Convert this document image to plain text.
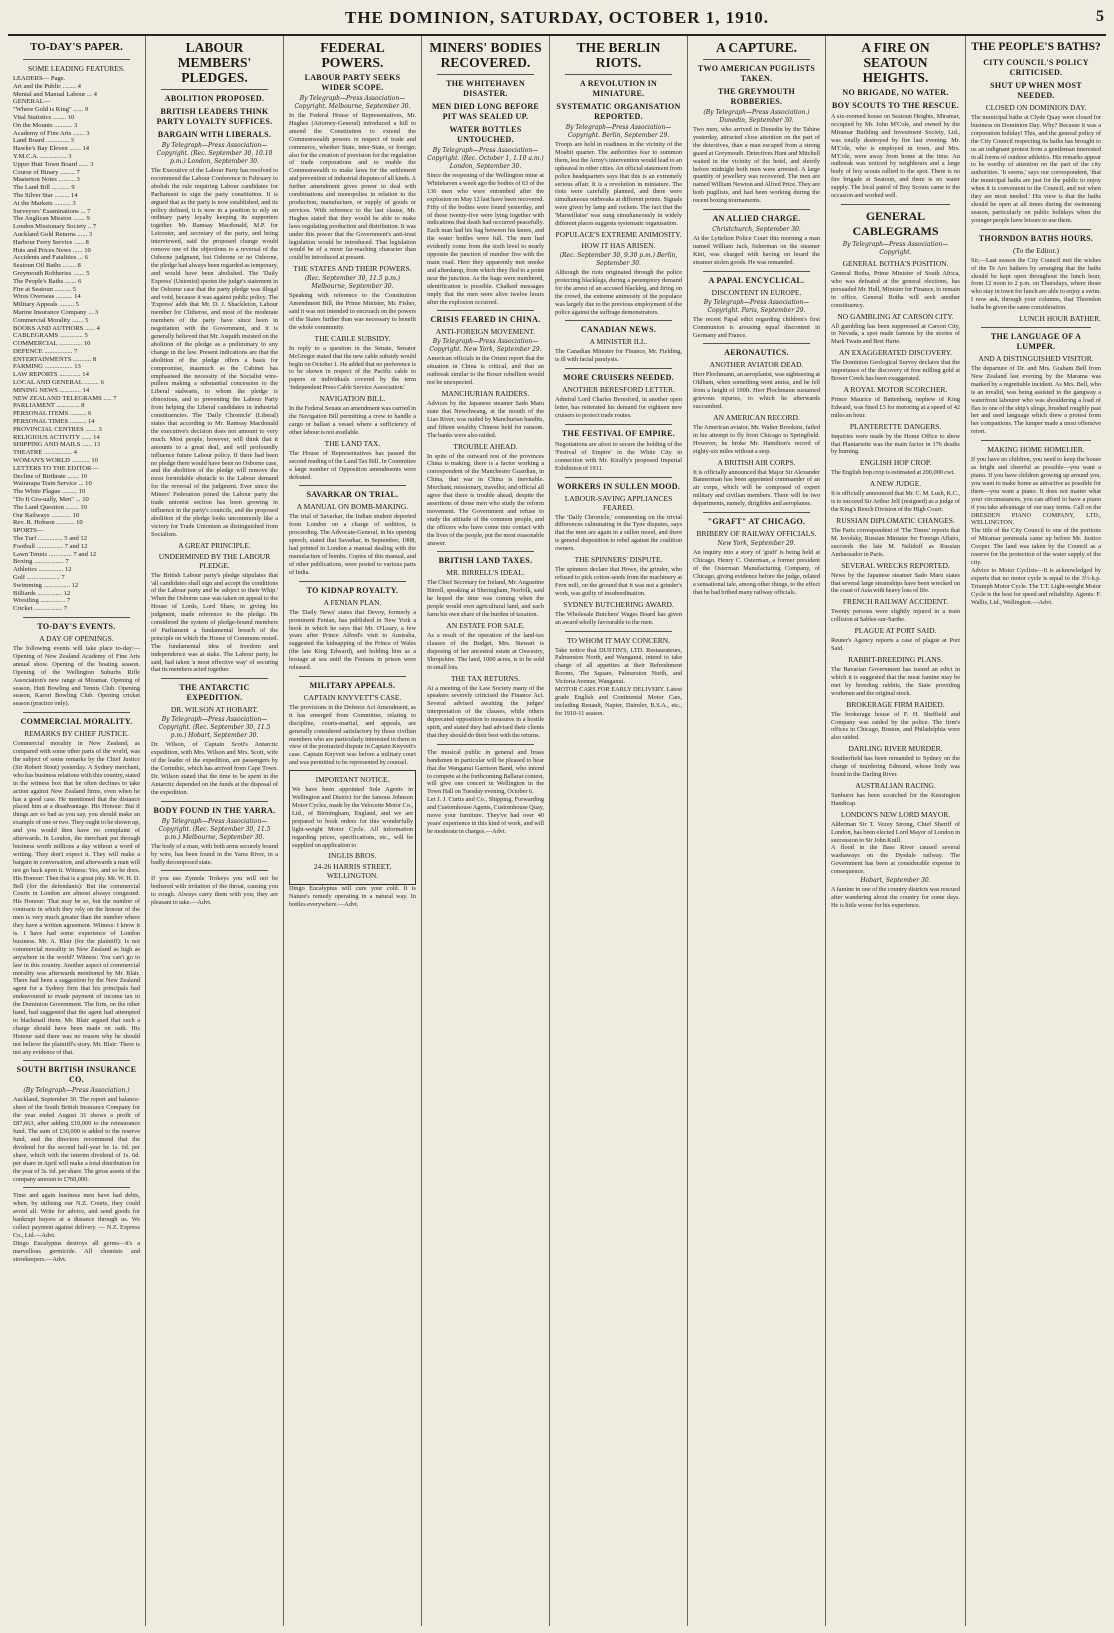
THE DOMINION, SATURDAY, OCTOBER 1, 1910.	5
TO-DAY'S PAPER.
SOME LEADING FEATURES.
LEADERS— Page.
Art and the Public ........ 4
Mental and Manual Labour ... 4
GENERAL—
"Where Gold is King" ...... 9
Vital Statistics ........ 10
On the Mounts ........... 3
Academy of Fine Arts ....... 3
Land Board .............. 3
Hawke's Bay Eleven ....... 14
Y.M.C.A. ................ 3
Upper Hutt Town Board ...... 3
Course of Binary ......... 7
Masterton Notes .......... 3
The Land Bill ........... 9
The Silver Star ......... 14
At the Markets .......... 3
Surveyors' Examinations ... 7
The Anglican Mission ....... 9
London Missionary Society .. 7
Auckland Gold Returns ...... 3
Harbour Ferry Service ...... 8
Huts and Prices News ...... 10
Accidents and Fatalities ... 6
Seatoun Oil Baths ........ 8
Greymouth Robberies ....... 5
The People's Baths ....... 6
Fire at Seatoun .......... 5
Wires Overseas .......... 14
Military Appeals ......... 5
Marine Insurance Company ... 3
Commercial Morality ....... 5
BOOKS AND AUTHORS ...... 4
CABLEGRAMS .............. 5
COMMERCIAL .............. 10
DEFENCE ................. 7
ENTERTAINMENTS ........... 8
FARMING ................. 13
LAW REPORTS ............. 14
LOCAL AND GENERAL ......... 6
MINING NEWS ............. 14
NEW ZEALAND TELEGRAMS ..... 7
PARLIAMENT .............. 8
PERSONAL ITEMS .......... 6
PERSONAL TIMES .......... 14
PROVINCIAL CENTRES ....... 3
RELIGIOUS ACTIVITY ...... 14
SHIPPING AND MAILS ...... 13
THEATRE ................. 4
WOMAN'S WORLD ........... 10
LETTERS TO THE EDITOR—
Decline of Birthrate ....... 10
Wairarapa Train Service ... 10
The White Plague ......... 10
"Do It Gra-ually, Men" ... 10
The Land Question ........ 10
Our Railways ............ 10
Rev. R. Hobson ........... 10
SPORTS—
The Turf ............... 5 and 12
Football ................ 7 and 12
Lawn Tennis .............. 7 and 12
Boxing .................. 7
Athletics ............... 12
Golf .................... 7
Swimming ................ 12
Billiards ............... 12
Wrestling ............... 7
Cricket ................. 7
TO-DAY'S EVENTS.
A DAY OF OPENINGS.

The following events will take place to-day:— Opening of New Zealand Academy of Fine Arts annual show. Opening of the boating season. Opening of the Wellington Suburbs Rifle Association's new range at Miramar. Opening of season, Hutt Bowling and Tennis Club. Opening season, Karori Bowling Club. Opening cricket season (practice only).

COMMERCIAL MORALITY.
REMARKS BY CHIEF JUSTICE.

Commercial morality in New Zealand, as compared with some other parts of the world, was the subject of some remarks by the Chief Justice (Sir Robert Stout) yesterday. A Sydney merchant, who has business relations with this country, stated in the witness box that he often declines to take action against New Zealand firms, even when he has a good case. He mentioned that the distance placed him at a disadvantage. His Honour: But if things are so bad as you say, you should make an example of one or two. They ought to be shown up, and you would then have no complaint of afterwards. In London, the merchant put through business worth millions a day without a word of writing. They don't expect it. They will make a bargain in conversation, and afterwards a man will not go back upon it. Witness: Yes, and so he does. His Honour: Then that is a great pity. Mr. W. H. D. Bell (for the defendants): But the commercial Courts in London are almost always congested. His Honour: That may be so, but the number of contracts in which they rely on the honour of the men is very much greater than the number where they have a written agreement. Witness: I know it is. I have had some experience of London business. Mr. A. Blair (for the plaintiff): Is not commercial morality in New Zealand as high as anywhere in the world? Witness: You can't go to law in this country. Another aspect of commercial morality was afterwards mentioned by Mr. Blair. There had been a suggestion by the New Zealand agent for a Sydney firm that his principals had endeavoured to evade payment of income tax to the Dominion Government. The firm, on the other hand, had suggested that the agent had attempted to blackmail them. Mr. Blair argued that such a charge should have been made on oath. His Honour said there was no reason why he should not believe the plaintiff's story. Mr. Blair: There is not any evidence of that.

SOUTH BRITISH INSURANCE CO.
(By Telegraph—Press Association.)

Auckland, September 30. The report and balance-sheet of the South British Insurance Company for the year ended August 31 shows a profit of £87,663, after adding £10,000 to the reinsurance fund. The sum of £30,000 is added to the reserve fund, and the directors recommend that the dividend for the second half-year be 1s. 6d. per share, which with the interim dividend of 1s. 6d. per share in April will make a total distribution for the year of 3s. 6d. per share. The gross assets of the company amount to £760,000.

Time and again business men have had debts, when, by utilising our N.Z. Courts, they could avoid all. Write for advice, and send goods for bankrupt buyers at a distance through us. We collect payment against delivery. — N.Z. Express Co., Ltd.—Advt.

Dingo Eucalyptus destroys all germs—it's a marvellous germicide. All chemists and storekeepers.—Advt.

LABOUR MEMBERS' PLEDGES.
ABOLITION PROPOSED.
BRITISH LEADERS THINK PARTY LOYALTY SUFFICES.
BARGAIN WITH LIBERALS.
By Telegraph—Press Association—Copyright. (Rec. September 30, 10.10 p.m.) London, September 30.

The Executive of the Labour Party has resolved to recommend the Labour Conference in February to abolish the rule requiring Labour candidates for Parliament to sign the party constitution. It is argued that as the party is now established, and its policy defined, it is now in a position to rely on ordinary party loyalty keeping its supporters together. Mr. Ramsay Macdonald, M.P. for Leicester, and secretary of the party, and being interviewed, said the proposed change would remove one of the objections to a reversal of the Osborne judgment, but Osborne or no Osborne, the pledge had always been regarded as temporary, and would have been abolished. The 'Daily Express' (Unionist) quotes the judge's statement in the Osborne case that the party pledge was illegal and void, because it was against public policy. The 'Express' adds that Mr. D. J. Shackleton, Labour member for Clitheroe, and most of the moderate members of the party have since been in negotiation with the Government, and it is generally believed that Mr. Asquith insisted on the abolition of the pledge as a preliminary to any change in the law. Present indications are that the abolition of the pledge offers a basis for compromise, inasmuch as the Cabinet has emphasised the necessity of the Socialist wire-pullers making a substantial concession to the Liberal stalwarts, to whom the pledge is obnoxious, and to preventing the Labour Party from helping the Liberal candidates in industrial constituencies. The 'Daily Chronicle' (Liberal) states that according to Mr. Ramsay Macdonald the executive's decision does not amount to very much. Most people, however, will think that it amounts to a great deal, and will profoundly influence future Labour policy. If there had been no pledge there would have been no Osborne case, and the abolition of the pledge will remove the most formidable obstacle to the Labour demand for the reversal of the judgment. Ever since the Miners' Federation joined the Labour party the trade unionist section has been growing in influence in the party's councils, and the proposed abolition of the pledge looks uncommonly like a victory for Trade Unionism as distinguished from Socialism.

A GREAT PRINCIPLE.
UNDERMINED BY THE LABOUR PLEDGE.

The British Labour party's pledge stipulates that 'all candidates shall sign and accept the conditions of the Labour party and be subject to their Whip.' When the Osborne case was taken on appeal to the House of Lords, Lord Shaw, in giving his judgment, made reference to the pledge. He considered the system of pledge-bound members of Parliament a fundamental breach of the principle on which the House of Commons rested. The fundamental idea of freedom and independence was at stake. The Labour party, he said, had taken 'a most effective way' of securing that its members acted together.

THE ANTARCTIC EXPEDITION.
DR. WILSON AT HOBART.
By Telegraph—Press Association—Copyright. (Rec. September 30, 11.5 p.m.) Hobart, September 30.

Dr. Wilson, of Captain Scott's Antarctic expedition, with Mrs. Wilson and Mrs. Scott, wife of the leader of the expedition, are passengers by the Corinthic, which has arrived from Cape Town. Dr. Wilson stated that the time to be spent in the Antarctic depended on the funds at the disposal of the expedition.

BODY FOUND IN THE YARRA.
By Telegraph—Press Association—Copyright. (Rec. September 30, 11.5 p.m.) Melbourne, September 30.

The body of a man, with both arms securely bound by wire, has been found in the Yarra River, in a badly decomposed state.

If you use Zymole Trokeys you will not be bothered with irritation of the throat, causing you to cough. Always carry them with you; they are pleasant to take.—Advt.

FEDERAL POWERS.
LABOUR PARTY SEEKS WIDER SCOPE.
By Telegraph—Press Association—Copyright. Melbourne, September 30.

In the Federal House of Representatives, Mr. Hughes (Attorney-General) introduced a bill to amend the Constitution to extend the Commonwealth powers in respect of trade and commerce, whether State, inter-State, or foreign; also for the creation of provision for the regulation of trade corporations and to enable the Commonwealth to make laws for the settlement and prevention of industrial disputes of all kinds. A further amendment gives power to deal with combinations and monopolies in relation to the production, manufacture, or supply of goods or services. With reference to the last clause, Mr. Hughes stated that they would be able to make laws regulating production and distribution. It was under this power that the Government's anti-trust legislation would be introduced. That legislation would be of a more far-reaching character than could be introduced at present.

THE STATES AND THEIR POWERS.
(Rec. September 30, 11.5 p.m.) Melbourne, September 30.

Speaking with reference to the Constitution Amendment Bill, the Prime Minister, Mr. Fisher, said it was not intended to encroach on the powers of the States further than was necessary to benefit the whole community.

THE CABLE SUBSIDY.

In reply to a question in the Senate, Senator McGregor stated that the new cable subsidy would begin on October 1. He added that no preference is to be shown in respect of the Pacific cable to papers or individuals covered by the term 'Independent Press Cable Service Association.'

NAVIGATION BILL.

In the Federal Senate an amendment was carried in the Navigation Bill permitting a crew to handle a cargo or ballast a vessel where a sufficiency of other labour is not available.

THE LAND TAX.

The House of Representatives has passed the second reading of the Land Tax Bill. In Committee a large number of Opposition amendments were defeated.

SAVARKAR ON TRIAL.
A MANUAL ON BOMB-MAKING.

The trial of Savarkar, the Indian student deported from London on a charge of sedition, is proceeding. The Advocate-General, in his opening speech, stated that Savarkar, in September, 1908, had printed in London a manual dealing with the manufacture of bombs. Copies of this manual, and of other publications, were posted to various parts of India.

TO KIDNAP ROYALTY.
A FENIAN PLAN.

The 'Daily News' states that Devoy, formerly a prominent Fenian, has published in New York a book in which he says that Mr. O'Leary, a few years after Prince Alfred's visit to Australia, suggested the kidnapping of the Prince of Wales (the late King Edward), and holding him as a hostage at sea until the Fenians in prison were released.

MILITARY APPEALS.
CAPTAIN KNYVETT'S CASE.

The provisions in the Defence Act Amendment, as it has emerged from Committee, relating to discipline, courts-martial, and appeals, are generally considered satisfactory by those civilian members who are particularly interested in them in view of the protracted dispute in Captain Knyvett's case. Captain Knyvett was before a military court and was permitted to be represented by counsel.

IMPORTANT NOTICE.

We have been appointed Sole Agents in Wellington and District for the famous Johnson Motor Cycles, made by the Velocette Motor Co., Ltd., of Birmingham, England, and we are prepared to book orders for this wonderfully light-weight Motor Cycle. All information regarding prices, specifications, etc., will be supplied on application to

INGLIS BROS.
24-26 HARRIS STREET, WELLINGTON.

Dingo Eucalyptus will cure your cold. It is Nature's remedy operating in a natural way. In bottles everywhere.—Advt.

MINERS' BODIES RECOVERED.
THE WHITEHAVEN DISASTER.
MEN DIED LONG BEFORE PIT WAS SEALED UP.
WATER BOTTLES UNTOUCHED.
By Telegraph—Press Association—Copyright. (Rec. October 1, 1.10 a.m.) London, September 30.

Since the reopening of the Wellington mine at Whitehaven a week ago the bodies of 63 of the 136 men who were entombed after the explosion on May 12 last have been recovered. Fifty of the bodies were found yesterday, and of these twenty-five were lying together with indications that death had occurred peacefully. Each man had his bag between his knees, and the water bottles were full. The men had evidently come from the sixth level to nearly opposite the junction of number five with the main road. Here they apparently met smoke and afterdamp, from which they fled to a point near the junction. As the bags were numbered, identification is possible. Chalked messages imply that the men were alive twelve hours after the explosion occurred.

CRISIS FEARED IN CHINA.
ANTI-FOREIGN MOVEMENT.
By Telegraph—Press Association—Copyright. New York, September 29.

American officials in the Orient report that the situation in China is critical, and that an outbreak similar to the Boxer rebellion would not be unexpected.

MANCHURIAN RAIDERS.

Advices by the Japanese steamer Sado Maru state that Newchwang, at the mouth of the Liao River, was raided by Manchurian bandits, and fifteen wealthy Chinese held for ransom. The banks were also raided.

TROUBLE AHEAD.

In spite of the outward rest of the provinces China is making, there is a factor working a correspondent of the Manchester Guardian, in China, that war in China is inevitable. Merchant, missionary, traveller, and official all agree that there is trouble ahead, despite the assertions of those men who study the reform movement. The Government and refuse to study the attitude of the common people, and the officers who have come into contact with the lives of the people, put the most reasonable answer.

BRITISH LAND TAXES.
MR. BIRRELL'S IDEAL.

The Chief Secretary for Ireland, Mr. Augustine Birrell, speaking at Sheringham, Norfolk, said he hoped the time was coming when the people would own agricultural land, and each farm his own share of the burden of taxation.

AN ESTATE FOR SALE.

As a result of the operation of the land-tax clauses of the Budget, Mrs. Stewart is disposing of her ancestral estate at Oswestry, Shropshire. The land, 1000 acres, is to be sold in small lots.

THE TAX RETURNS.

At a meeting of the Law Society many of the speakers severely criticised the Finance Act. Several advised awaiting the judges' interpretation of the clauses, while others deprecated opposition to measures in a hostile spirit, and stated they had advised their clients that they should do their best with the returns.

The musical public in general and brass bandsmen in particular will be pleased to hear that the Wanganui Garrison Band, who intend to compete at the forthcoming Ballarat contest, will give one concert in Wellington in the Town Hall on Tuesday evening, October 6.

Let J. J. Curtis and Co., Shipping, Forwarding and Customhouse Agents, Customhouse Quay, move your furniture. They've had over 40 years' experience in this kind of work, and will be moderate in charges.—Advt.

THE BERLIN RIOTS.
A REVOLUTION IN MINIATURE.
SYSTEMATIC ORGANISATION REPORTED.
By Telegraph—Press Association—Copyright. Berlin, September 29.

Troops are held in readiness in the vicinity of the Moabit quarter. The authorities fear to summon them, lest the Army's intervention would lead to an upheaval in other cities. An official statement from police headquarters says that this is an extremely serious affair. It is a revolution in miniature. The riots were carefully planned, and there were simultaneous outbreaks at different points. Signals were given by lamp and rockets. The fact that the 'Marseillaise' was sung simultaneously in widely different places suggests systematic organisation.

POPULACE'S EXTREME ANIMOSITY.
HOW IT HAS ARISEN.
(Rec. September 30, 9.30 p.m.) Berlin, September 30.

Although the riots originated through the police protecting blacklegs, during a peremptory demand for the arrest of an accused blackleg, and firing on the crowd, the extreme animosity of the populace was largely due to the previous employment of the police against the suffrage demonstrators.

CANADIAN NEWS.
A MINISTER ILL.

The Canadian Minister for Finance, Mr. Fielding, is ill with facial paralysis.

MORE CRUISERS NEEDED.
ANOTHER BERESFORD LETTER.

Admiral Lord Charles Beresford, in another open letter, has reiterated his demand for eighteen new cruisers to protect trade routes.

THE FESTIVAL OF EMPIRE.

Negotiations are afoot to secure the holding of the 'Festival of Empire' in the White City in connection with Mr. Kiralfy's proposed Imperial Exhibition of 1911.

WORKERS IN SULLEN MOOD.
LABOUR-SAVING APPLIANCES FEARED.

The 'Daily Chronicle,' commenting on the trivial differences culminating in the Tyne disputes, says that the men are again in a sullen mood, and there is general disposition to rebel against the coalition owners.

THE SPINNERS' DISPUTE.

The spinners declare that Howe, the grinder, who refused to pick cotton-seeds from the machinery at Fern mill, on the ground that it was not a grinder's work, was guilty of insubordination.

SYDNEY BUTCHERING AWARD.

The Wholesale Butchers' Wages Board has given an award wholly favourable to the men.

TO WHOM IT MAY CONCERN.

Take notice that DUSTIN'S, LTD. Restaurateurs, Palmerston North, and Wanganui, intend to take charge of all appetites at their Refreshment Rooms, The Square, Palmerston North, and Victoria Avenue, Wanganui.

MOTOR CARS FOR EARLY DELIVERY. Latest grade English and Continental Motor Cars, including Renault, Napier, Daimler, B.S.A., etc., for 1910-11 season.

A CAPTURE.
TWO AMERICAN PUGILISTS TAKEN.
THE GREYMOUTH ROBBERIES.
(By Telegraph—Press Association.) Dunedin, September 30.

Two men, who arrived in Dunedin by the Tahine yesterday, attracted close attention on the part of the detectives, than a man escaped from a strong guard at Greymouth. Detectives Hunt and Mitchell waited in the vicinity of the hotel, and shortly before midnight both men were arrested. A large quantity of jewellery was recovered. The men are named William Newton and Alfred Price. They are both pugilists, and had been working during the recent boxing tournaments.

AN ALLIED CHARGE.
Christchurch, September 30.

At the Lyttelton Police Court this morning a man named William Jack, fisherman on the steamer Kini, was charged with having on board the steamer stolen goods. He was remanded.

A PAPAL ENCYCLICAL.
DISCONTENT IN EUROPE.
By Telegraph—Press Association—Copyright. Paris, September 29.

The recent Papal edict regarding children's first Communion is arousing equal discontent in Germany and France.

AERONAUTICS.
ANOTHER AVIATOR DEAD.

Herr Plochmann, an aeroplanist, was sightseeing at Oldham, when something went amiss, and he fell from a height of 100ft. Herr Plochmann sustained grievous injuries, to which he afterwards succumbed.

AN AMERICAN RECORD.

The American aviator, Mr. Walter Brookins, failed in his attempt to fly from Chicago to Springfield. However, he broke Mr. Hamilton's record of eighty-six miles without a stop.

A BRITISH AIR CORPS.

It is officially announced that Major Sir Alexander Bannerman has been appointed commander of an air corps, which will be composed of expert military and civilian members. There will be two departments, namely, dirigibles and aeroplanes.

"GRAFT" AT CHICAGO.
BRIBERY OF RAILWAY OFFICIALS.
New York, September 29.

An inquiry into a story of 'graft' is being held at Chicago. Henry C. Osterman, a former president of the Osterman Manufacturing Company, of Chicago, giving evidence before the judge, related a sensational tale, among other things, to the effect that he had bribed many railway officials.

A FIRE ON SEATOUN HEIGHTS.
NO BRIGADE, NO WATER.
BOY SCOUTS TO THE RESCUE.

A six-roomed house on Seatoun Heights, Miramar, occupied by Mr. John M'Cole, and owned by the Miramar Building and Investment Society, Ltd., was totally destroyed by fire last evening. Mr. M'Cole, who is employed in town, and Mrs. M'Cole, were away from home at the time. An outbreak was noticed by neighbours and a large body of boy scouts rallied to the spot. There is no fire brigade at Seatoun, and there is no water supply. The local patrol of Boy Scouts came to the occasion and worked well.

GENERAL CABLEGRAMS
By Telegraph—Press Association—Copyright.
GENERAL BOTHA'S POSITION.

General Botha, Prime Minister of South Africa, who was defeated at the general elections, has persuaded Mr. Hull, Minister for Finance, to remain in office. General Botha will seek another constituency.

NO GAMBLING AT CARSON CITY.

All gambling has been suppressed at Carson City, in Nevada, a spot made famous by the stories of Mark Twain and Bret Harte.

AN EXAGGERATED DISCOVERY.

The Dominion Geological Survey declares that the importance of the discovery of free milling gold at Bower Creek has been exaggerated.

A ROYAL MOTOR SCORCHER.

Prince Maurice of Battenberg, nephew of King Edward, was fined £3 for motoring at a speed of 42 miles an hour.

PLANTERETTE DANGERS.

Inquiries were made by the Home Office to show that Plantariette was the main factor in 176 deaths by burning.

ENGLISH HOP CROP.

The English hop crop is estimated at 200,000 cwt.

A NEW JUDGE.

It is officially announced that Mr. C. M. Lush, K.C., is to succeed Sir Arthur Jelf (resigned) as a judge of the King's Bench Division of the High Court.

RUSSIAN DIPLOMATIC CHANGES.

The Paris correspondent of 'The Times' reports that M. Isvolsky, Russian Minister for Foreign Affairs, succeeds the late M. Nelidoff as Russian Ambassador in Paris.

SEVERAL WRECKS REPORTED.

News by the Japanese steamer Sado Maru states that several large steamships have been wrecked on the coast of Asia with heavy loss of life.

FRENCH RAILWAY ACCIDENT.

Twenty persons were slightly injured in a train collision at Sables-sur-Sarthe.

PLAGUE AT PORT SAID.

Reuter's Agency reports a case of plague at Port Said.

RABBIT-BREEDING PLANS.

The Bavarian Government has issued an edict in which it is suggested that the meat famine may be met by breeding rabbits, the State providing workmen and the original stock.

BROKERAGE FIRM RAIDED.

The brokerage house of F. H. Sheffield and Company was raided by the police. The firm's offices in Chicago, Boston, and Philadelphia were also raided.

DARLING RIVER MURDER.

Southerfield has been remanded to Sydney on the charge of murdering Edmund, whose body was found in the Darling River.

AUSTRALIAN RACING.

Sunburst has been scratched for the Kensington Handicap.

LONDON'S NEW LORD MAYOR.

Alderman Sir T. Vezey Strong, Chief Sheriff of London, has been elected Lord Mayor of London in succession to Sir John Knill.

A flood in the Bass River caused several washaways on the Dysdale railway. The Government has been at considerable expense in consequence.

Hobart, September 30.

A famine in one of the country districts was rescued after wandering about the country for some days. He is little worse for his experience.

THE PEOPLE'S BATHS?
CITY COUNCIL'S POLICY CRITICISED.
SHUT UP WHEN MOST NEEDED.
CLOSED ON DOMINION DAY.

The municipal baths at Clyde Quay were closed for business on Dominion Day. Why? Because it was a corporation holiday! This, and the general policy of the City Council respecting its baths has brought to us an indignant protest from a gentleman interested in all forms of outdoor athletics. His remarks appear to be worthy of attention on the part of the city authorities. 'It seems,' says our correspondent, 'that the municipal baths are just for the public to enjoy when it is convenient to the Council, and not when they are most needed.' His view is that the baths should be open at all times during the swimming season, particularly on public holidays when the younger people have leisure to use them.

THORNDON BATHS HOURS.
(To the Editor.)

Sir,—Last season the City Council met the wishes of the Te Aro bathers by arranging that the baths should be kept open throughout the lunch hour, from 12 noon to 2 p.m. on Thursdays, where those who stay in town for lunch are able to enjoy a swim. I now ask, through your columns, that Thorndon baths be given the same consideration.

LUNCH HOUR BATHER.
THE LANGUAGE OF A LUMPER.
AND A DISTINGUISHED VISITOR.

The departure of Dr. and Mrs. Graham Bell from New Zealand last evening by the Marama was marked by a regrettable incident. As Mrs. Bell, who is an invalid, was being assisted to the gangway a waterfront labourer who was shouldering a load of flax to one of the ship's slings, brushed roughly past her and used language which drew a protest from her companions. The lumper made a most offensive retort.

MAKING HOME HOMELIER.

If you have no children, you need to keep the house as bright and cheerful as possible—you want a piano. If you have children growing up around you, you want to make home as attractive as possible for them—you want a piano. It does not matter what your circumstances, you can afford to have a piano if you take advantage of our easy terms. Call on the DRESDEN PIANO COMPANY, LTD., WELLINGTON.

The title of the City Council to one of the portions of Miramar peninsula came up before Mr. Justice Cooper. The land was taken by the Council as a reserve for the protection of the water supply of the city.

Advice to Motor Cyclists—It is acknowledged by experts that no motor cycle is equal to the 3½-h.p. Triumph Motor Cycle. The T.T. Light-weight Motor Cycle is the best for speed and reliability. Agents: F. Wallis, Ltd., Wellington.—Advt.
